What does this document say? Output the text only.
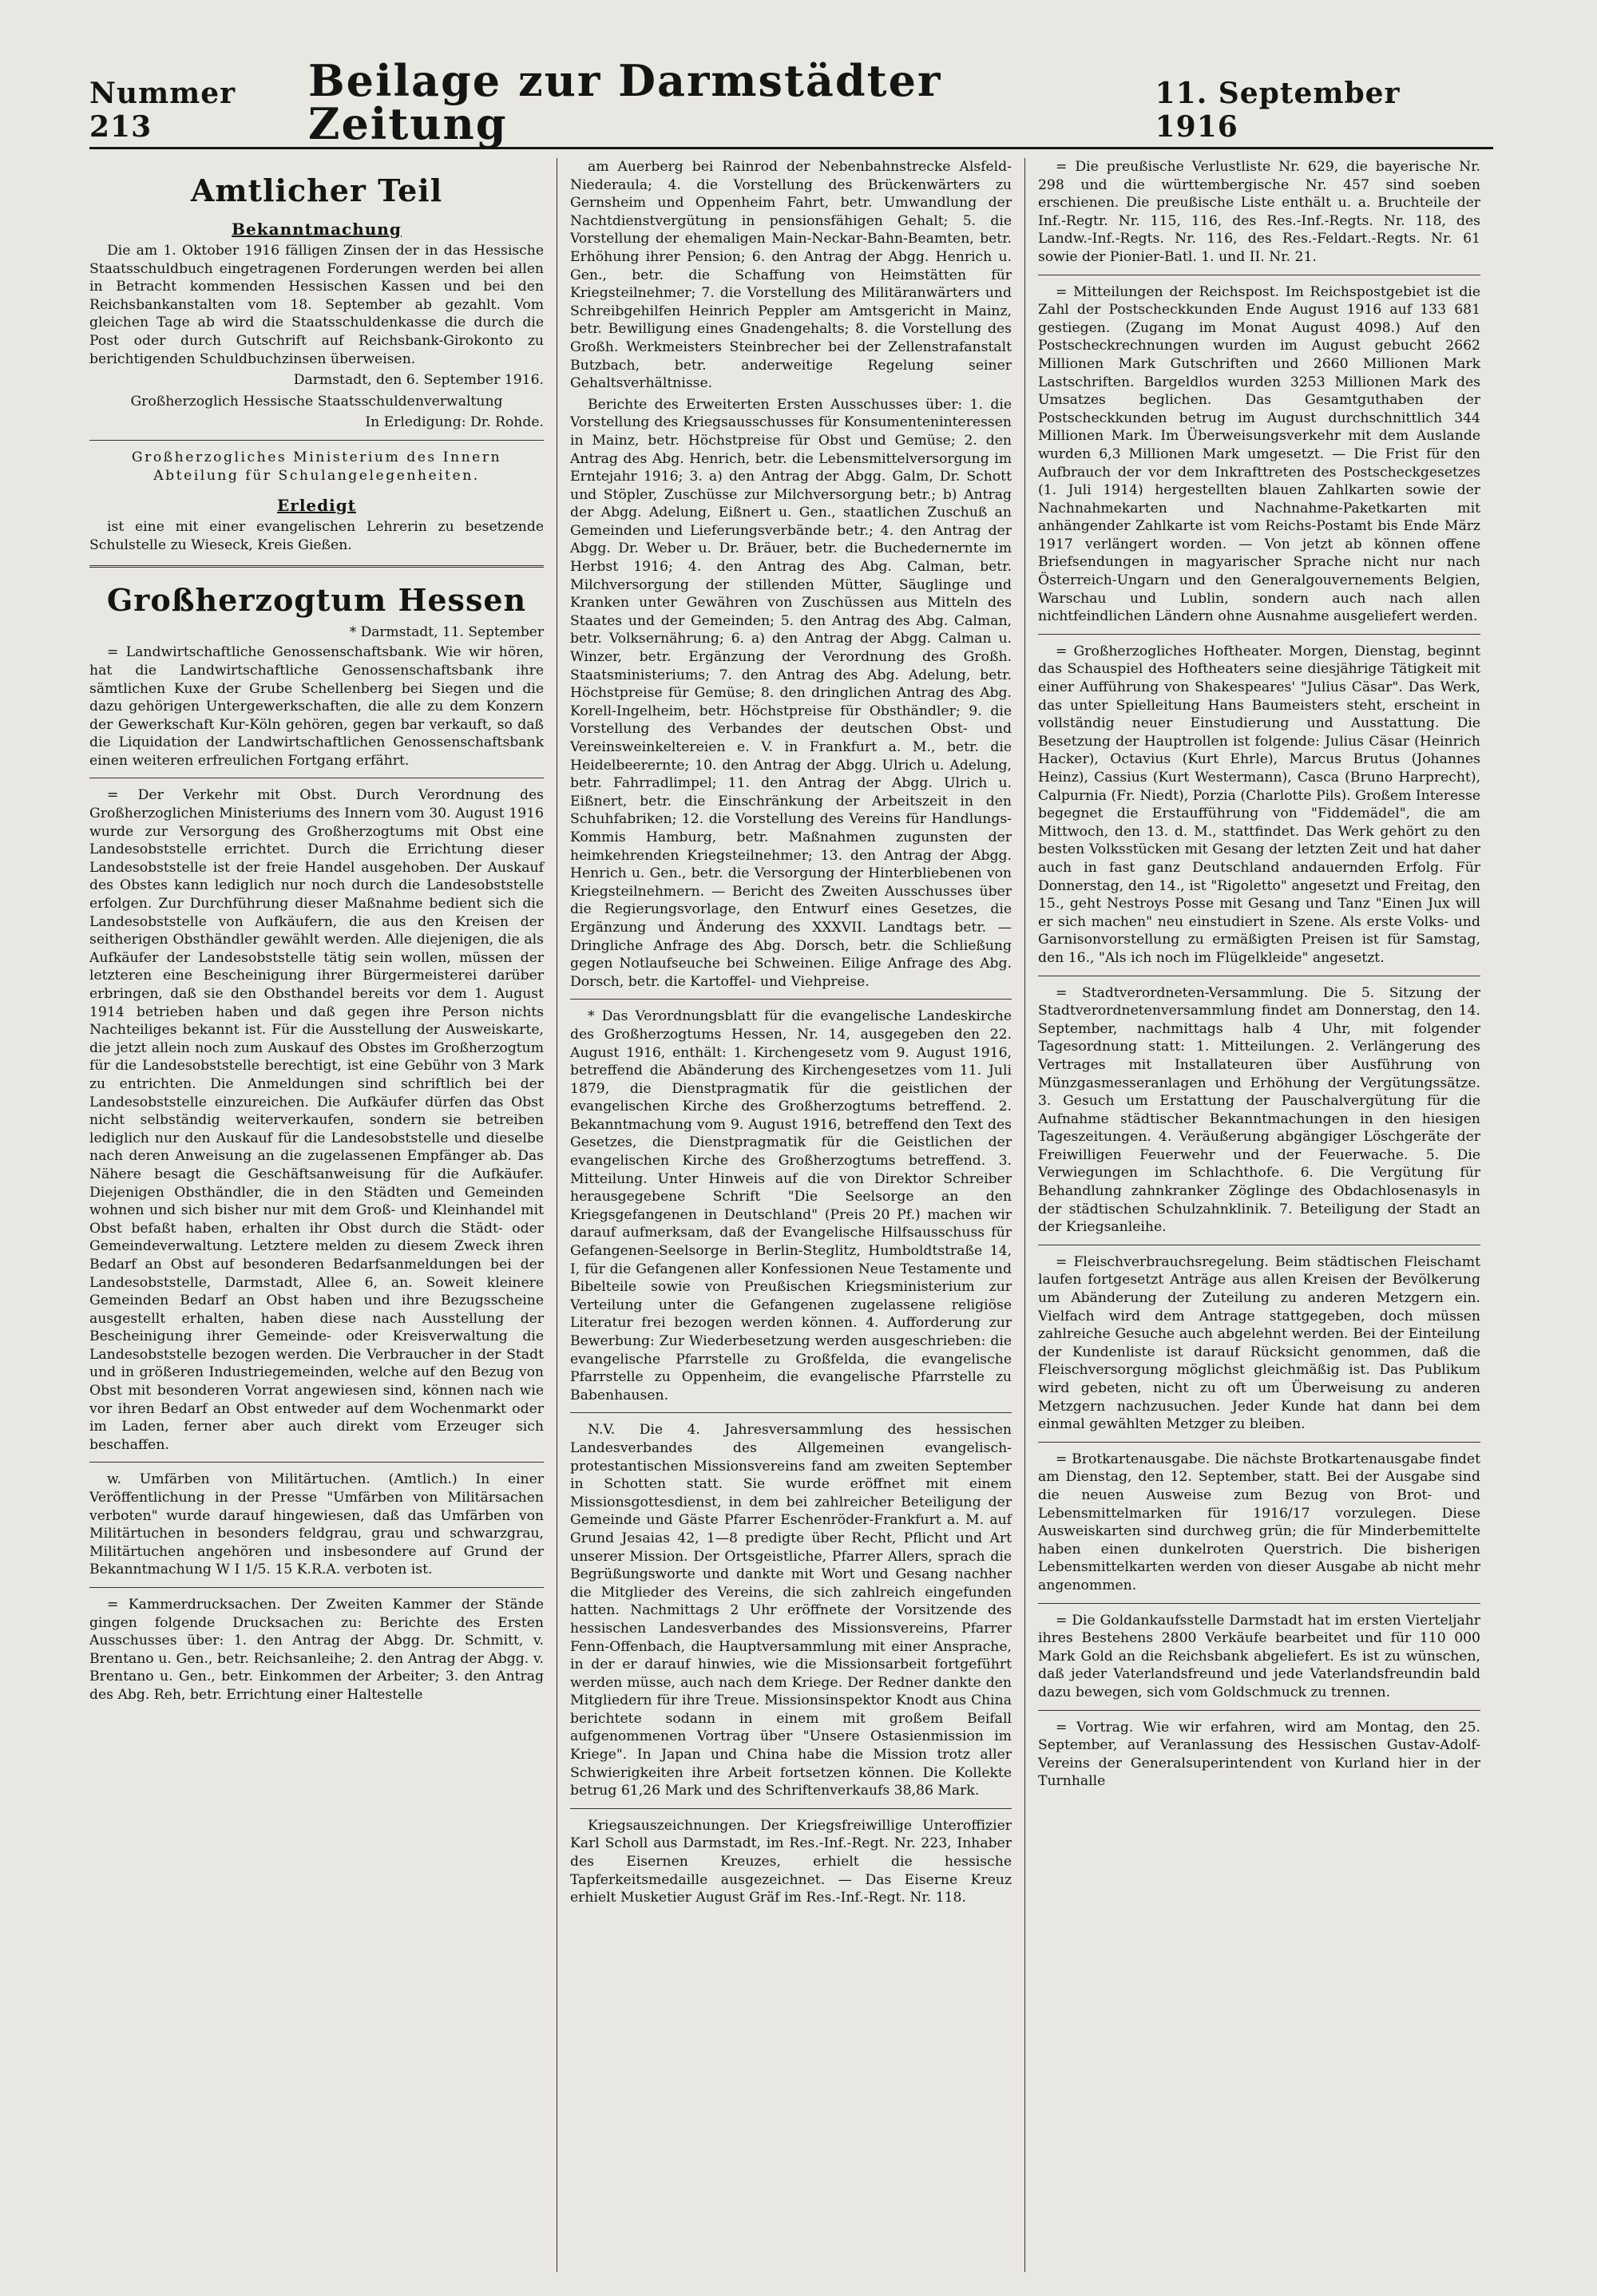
Nummer 213
Beilage zur Darmstädter Zeitung
11. September 1916
Amtlicher Teil
Bekanntmachung

Die am 1. Oktober 1916 fälligen Zinsen der in das Hessische Staatsschuldbuch eingetragenen Forderungen werden bei allen in Betracht kommenden Hessischen Kassen und bei den Reichsbankanstalten vom 18. September ab gezahlt. Vom gleichen Tage ab wird die Staatsschuldenkasse die durch die Post oder durch Gutschrift auf Reichsbank-Girokonto zu berichtigenden Schuldbuchzinsen überweisen.

Darmstadt, den 6. September 1916.

Großherzoglich Hessische Staatsschuldenverwaltung

In Erledigung: Dr. Rohde.

Großherzogliches Ministerium des Innern Abteilung für Schulangelegenheiten.

Erledigt

ist eine mit einer evangelischen Lehrerin zu besetzende Schulstelle zu Wieseck, Kreis Gießen.

Großherzogtum Hessen
* Darmstadt, 11. September

= Landwirtschaftliche Genossenschaftsbank. Wie wir hören, hat die Landwirtschaftliche Genossenschaftsbank ihre sämtlichen Kuxe der Grube Schellenberg bei Siegen und die dazu gehörigen Untergewerkschaften, die alle zu dem Konzern der Gewerkschaft Kur-Köln gehören, gegen bar verkauft, so daß die Liquidation der Landwirtschaftlichen Genossenschaftsbank einen weiteren erfreulichen Fortgang erfährt.

= Der Verkehr mit Obst. Durch Verordnung des Großherzoglichen Ministeriums des Innern vom 30. August 1916 wurde zur Versorgung des Großherzogtums mit Obst eine Landesobststelle errichtet. Durch die Errichtung dieser Landesobststelle ist der freie Handel ausgehoben. Der Auskauf des Obstes kann lediglich nur noch durch die Landesobststelle erfolgen. Zur Durchführung dieser Maßnahme bedient sich die Landesobststelle von Aufkäufern, die aus den Kreisen der seitherigen Obsthändler gewählt werden. Alle diejenigen, die als Aufkäufer der Landesobststelle tätig sein wollen, müssen der letzteren eine Bescheinigung ihrer Bürgermeisterei darüber erbringen, daß sie den Obsthandel bereits vor dem 1. August 1914 betrieben haben und daß gegen ihre Person nichts Nachteiliges bekannt ist. Für die Ausstellung der Ausweiskarte, die jetzt allein noch zum Auskauf des Obstes im Großherzogtum für die Landesobststelle berechtigt, ist eine Gebühr von 3 Mark zu entrichten. Die Anmeldungen sind schriftlich bei der Landesobststelle einzureichen. Die Aufkäufer dürfen das Obst nicht selbständig weiterverkaufen, sondern sie betreiben lediglich nur den Auskauf für die Landesobststelle und dieselbe nach deren Anweisung an die zugelassenen Empfänger ab. Das Nähere besagt die Geschäftsanweisung für die Aufkäufer. Diejenigen Obsthändler, die in den Städten und Gemeinden wohnen und sich bisher nur mit dem Groß- und Kleinhandel mit Obst befaßt haben, erhalten ihr Obst durch die Städt- oder Gemeindeverwaltung. Letztere melden zu diesem Zweck ihren Bedarf an Obst auf besonderen Bedarfsanmeldungen bei der Landesobststelle, Darmstadt, Allee 6, an. Soweit kleinere Gemeinden Bedarf an Obst haben und ihre Bezugsscheine ausgestellt erhalten, haben diese nach Ausstellung der Bescheinigung ihrer Gemeinde- oder Kreisverwaltung die Landesobststelle bezogen werden. Die Verbraucher in der Stadt und in größeren Industriegemeinden, welche auf den Bezug von Obst mit besonderen Vorrat angewiesen sind, können nach wie vor ihren Bedarf an Obst entweder auf dem Wochenmarkt oder im Laden, ferner aber auch direkt vom Erzeuger sich beschaffen.

w. Umfärben von Militärtuchen. (Amtlich.) In einer Veröffentlichung in der Presse "Umfärben von Militärsachen verboten" wurde darauf hingewiesen, daß das Umfärben von Militärtuchen in besonders feldgrau, grau und schwarzgrau, Militärtuchen angehören und insbesondere auf Grund der Bekanntmachung W I 1/5. 15 K.R.A. verboten ist.

= Kammerdrucksachen. Der Zweiten Kammer der Stände gingen folgende Drucksachen zu: Berichte des Ersten Ausschusses über: 1. den Antrag der Abgg. Dr. Schmitt, v. Brentano u. Gen., betr. Reichsanleihe; 2. den Antrag der Abgg. v. Brentano u. Gen., betr. Einkommen der Arbeiter; 3. den Antrag des Abg. Reh, betr. Errichtung einer Haltestelle

am Auerberg bei Rainrod der Nebenbahnstrecke Alsfeld-Niederaula; 4. die Vorstellung des Brückenwärters zu Gernsheim und Oppenheim Fahrt, betr. Umwandlung der Nachtdienstvergütung in pensionsfähigen Gehalt; 5. die Vorstellung der ehemaligen Main-Neckar-Bahn-Beamten, betr. Erhöhung ihrer Pension; 6. den Antrag der Abgg. Henrich u. Gen., betr. die Schaffung von Heimstätten für Kriegsteilnehmer; 7. die Vorstellung des Militäranwärters und Schreibgehilfen Heinrich Peppler am Amtsgericht in Mainz, betr. Bewilligung eines Gnadengehalts; 8. die Vorstellung des Großh. Werkmeisters Steinbrecher bei der Zellenstrafanstalt Butzbach, betr. anderweitige Regelung seiner Gehaltsverhältnisse.

Berichte des Erweiterten Ersten Ausschusses über: 1. die Vorstellung des Kriegsausschusses für Konsumenteninteressen in Mainz, betr. Höchstpreise für Obst und Gemüse; 2. den Antrag des Abg. Henrich, betr. die Lebensmittelversorgung im Erntejahr 1916; 3. a) den Antrag der Abgg. Galm, Dr. Schott und Stöpler, Zuschüsse zur Milchversorgung betr.; b) Antrag der Abgg. Adelung, Eißnert u. Gen., staatlichen Zuschuß an Gemeinden und Lieferungsverbände betr.; 4. den Antrag der Abgg. Dr. Weber u. Dr. Bräuer, betr. die Buchedernernte im Herbst 1916; 4. den Antrag des Abg. Calman, betr. Milchversorgung der stillenden Mütter, Säuglinge und Kranken unter Gewähren von Zuschüssen aus Mitteln des Staates und der Gemeinden; 5. den Antrag des Abg. Calman, betr. Volksernährung; 6. a) den Antrag der Abgg. Calman u. Winzer, betr. Ergänzung der Verordnung des Großh. Staatsministeriums; 7. den Antrag des Abg. Adelung, betr. Höchstpreise für Gemüse; 8. den dringlichen Antrag des Abg. Korell-Ingelheim, betr. Höchstpreise für Obsthändler; 9. die Vorstellung des Verbandes der deutschen Obst- und Vereinsweinkeltereien e. V. in Frankfurt a. M., betr. die Heidelbeerernte; 10. den Antrag der Abgg. Ulrich u. Adelung, betr. Fahrradlimpel; 11. den Antrag der Abgg. Ulrich u. Eißnert, betr. die Einschränkung der Arbeitszeit in den Schuhfabriken; 12. die Vorstellung des Vereins für Handlungs-Kommis Hamburg, betr. Maßnahmen zugunsten der heimkehrenden Kriegsteilnehmer; 13. den Antrag der Abgg. Henrich u. Gen., betr. die Versorgung der Hinterbliebenen von Kriegsteilnehmern. — Bericht des Zweiten Ausschusses über die Regierungsvorlage, den Entwurf eines Gesetzes, die Ergänzung und Änderung des XXXVII. Landtags betr. — Dringliche Anfrage des Abg. Dorsch, betr. die Schließung gegen Notlaufseuche bei Schweinen. Eilige Anfrage des Abg. Dorsch, betr. die Kartoffel- und Viehpreise.

* Das Verordnungsblatt für die evangelische Landeskirche des Großherzogtums Hessen, Nr. 14, ausgegeben den 22. August 1916, enthält: 1. Kirchengesetz vom 9. August 1916, betreffend die Abänderung des Kirchengesetzes vom 11. Juli 1879, die Dienstpragmatik für die geistlichen der evangelischen Kirche des Großherzogtums betreffend. 2. Bekanntmachung vom 9. August 1916, betreffend den Text des Gesetzes, die Dienstpragmatik für die Geistlichen der evangelischen Kirche des Großherzogtums betreffend. 3. Mitteilung. Unter Hinweis auf die von Direktor Schreiber herausgegebene Schrift "Die Seelsorge an den Kriegsgefangenen in Deutschland" (Preis 20 Pf.) machen wir darauf aufmerksam, daß der Evangelische Hilfsausschuss für Gefangenen-Seelsorge in Berlin-Steglitz, Humboldtstraße 14, I, für die Gefangenen aller Konfessionen Neue Testamente und Bibelteile sowie von Preußischen Kriegsministerium zur Verteilung unter die Gefangenen zugelassene religiöse Literatur frei bezogen werden können. 4. Aufforderung zur Bewerbung: Zur Wiederbesetzung werden ausgeschrieben: die evangelische Pfarrstelle zu Großfelda, die evangelische Pfarrstelle zu Oppenheim, die evangelische Pfarrstelle zu Babenhausen.

N.V. Die 4. Jahresversammlung des hessischen Landesverbandes des Allgemeinen evangelisch-protestantischen Missionsvereins fand am zweiten September in Schotten statt. Sie wurde eröffnet mit einem Missionsgottesdienst, in dem bei zahlreicher Beteiligung der Gemeinde und Gäste Pfarrer Eschenröder-Frankfurt a. M. auf Grund Jesaias 42, 1—8 predigte über Recht, Pflicht und Art unserer Mission. Der Ortsgeistliche, Pfarrer Allers, sprach die Begrüßungsworte und dankte mit Wort und Gesang nachher die Mitglieder des Vereins, die sich zahlreich eingefunden hatten. Nachmittags 2 Uhr eröffnete der Vorsitzende des hessischen Landesverbandes des Missionsvereins, Pfarrer Fenn-Offenbach, die Hauptversammlung mit einer Ansprache, in der er darauf hinwies, wie die Missionsarbeit fortgeführt werden müsse, auch nach dem Kriege. Der Redner dankte den Mitgliedern für ihre Treue. Missionsinspektor Knodt aus China berichtete sodann in einem mit großem Beifall aufgenommenen Vortrag über "Unsere Ostasienmission im Kriege". In Japan und China habe die Mission trotz aller Schwierigkeiten ihre Arbeit fortsetzen können. Die Kollekte betrug 61,26 Mark und des Schriftenverkaufs 38,86 Mark.

Kriegsauszeichnungen. Der Kriegsfreiwillige Unteroffizier Karl Scholl aus Darmstadt, im Res.-Inf.-Regt. Nr. 223, Inhaber des Eisernen Kreuzes, erhielt die hessische Tapferkeitsmedaille ausgezeichnet. — Das Eiserne Kreuz erhielt Musketier August Gräf im Res.-Inf.-Regt. Nr. 118.

= Die preußische Verlustliste Nr. 629, die bayerische Nr. 298 und die württembergische Nr. 457 sind soeben erschienen. Die preußische Liste enthält u. a. Bruchteile der Inf.-Regtr. Nr. 115, 116, des Res.-Inf.-Regts. Nr. 118, des Landw.-Inf.-Regts. Nr. 116, des Res.-Feldart.-Regts. Nr. 61 sowie der Pionier-Batl. 1. und II. Nr. 21.

= Mitteilungen der Reichspost. Im Reichspostgebiet ist die Zahl der Postscheckkunden Ende August 1916 auf 133 681 gestiegen. (Zugang im Monat August 4098.) Auf den Postscheckrechnungen wurden im August gebucht 2662 Millionen Mark Gutschriften und 2660 Millionen Mark Lastschriften. Bargeldlos wurden 3253 Millionen Mark des Umsatzes beglichen. Das Gesamtguthaben der Postscheckkunden betrug im August durchschnittlich 344 Millionen Mark. Im Überweisungsverkehr mit dem Auslande wurden 6,3 Millionen Mark umgesetzt. — Die Frist für den Aufbrauch der vor dem Inkrafttreten des Postscheckgesetzes (1. Juli 1914) hergestellten blauen Zahlkarten sowie der Nachnahmekarten und Nachnahme-Paketkarten mit anhängender Zahlkarte ist vom Reichs-Postamt bis Ende März 1917 verlängert worden. — Von jetzt ab können offene Briefsendungen in magyarischer Sprache nicht nur nach Österreich-Ungarn und den Generalgouvernements Belgien, Warschau und Lublin, sondern auch nach allen nichtfeindlichen Ländern ohne Ausnahme ausgeliefert werden.

= Großherzogliches Hoftheater. Morgen, Dienstag, beginnt das Schauspiel des Hoftheaters seine diesjährige Tätigkeit mit einer Aufführung von Shakespeares' "Julius Cäsar". Das Werk, das unter Spielleitung Hans Baumeisters steht, erscheint in vollständig neuer Einstudierung und Ausstattung. Die Besetzung der Hauptrollen ist folgende: Julius Cäsar (Heinrich Hacker), Octavius (Kurt Ehrle), Marcus Brutus (Johannes Heinz), Cassius (Kurt Westermann), Casca (Bruno Harprecht), Calpurnia (Fr. Niedt), Porzia (Charlotte Pils). Großem Interesse begegnet die Erstaufführung von "Fiddemädel", die am Mittwoch, den 13. d. M., stattfindet. Das Werk gehört zu den besten Volksstücken mit Gesang der letzten Zeit und hat daher auch in fast ganz Deutschland andauernden Erfolg. Für Donnerstag, den 14., ist "Rigoletto" angesetzt und Freitag, den 15., geht Nestroys Posse mit Gesang und Tanz "Einen Jux will er sich machen" neu einstudiert in Szene. Als erste Volks- und Garnisonvorstellung zu ermäßigten Preisen ist für Samstag, den 16., "Als ich noch im Flügelkleide" angesetzt.

= Stadtverordneten-Versammlung. Die 5. Sitzung der Stadtverordnetenversammlung findet am Donnerstag, den 14. September, nachmittags halb 4 Uhr, mit folgender Tagesordnung statt: 1. Mitteilungen. 2. Verlängerung des Vertrages mit Installateuren über Ausführung von Münzgasmesseranlagen und Erhöhung der Vergütungssätze. 3. Gesuch um Erstattung der Pauschalvergütung für die Aufnahme städtischer Bekanntmachungen in den hiesigen Tageszeitungen. 4. Veräußerung abgängiger Löschgeräte der Freiwilligen Feuerwehr und der Feuerwache. 5. Die Verwiegungen im Schlachthofe. 6. Die Vergütung für Behandlung zahnkranker Zöglinge des Obdachlosenasyls in der städtischen Schulzahnklinik. 7. Beteiligung der Stadt an der Kriegsanleihe.

= Fleischverbrauchsregelung. Beim städtischen Fleischamt laufen fortgesetzt Anträge aus allen Kreisen der Bevölkerung um Abänderung der Zuteilung zu anderen Metzgern ein. Vielfach wird dem Antrage stattgegeben, doch müssen zahlreiche Gesuche auch abgelehnt werden. Bei der Einteilung der Kundenliste ist darauf Rücksicht genommen, daß die Fleischversorgung möglichst gleichmäßig ist. Das Publikum wird gebeten, nicht zu oft um Überweisung zu anderen Metzgern nachzusuchen. Jeder Kunde hat dann bei dem einmal gewählten Metzger zu bleiben.

= Brotkartenausgabe. Die nächste Brotkartenausgabe findet am Dienstag, den 12. September, statt. Bei der Ausgabe sind die neuen Ausweise zum Bezug von Brot- und Lebensmittelmarken für 1916/17 vorzulegen. Diese Ausweiskarten sind durchweg grün; die für Minderbemittelte haben einen dunkelroten Querstrich. Die bisherigen Lebensmittelkarten werden von dieser Ausgabe ab nicht mehr angenommen.

= Die Goldankaufsstelle Darmstadt hat im ersten Vierteljahr ihres Bestehens 2800 Verkäufe bearbeitet und für 110 000 Mark Gold an die Reichsbank abgeliefert. Es ist zu wünschen, daß jeder Vaterlandsfreund und jede Vaterlandsfreundin bald dazu bewegen, sich vom Goldschmuck zu trennen.

= Vortrag. Wie wir erfahren, wird am Montag, den 25. September, auf Veranlassung des Hessischen Gustav-Adolf-Vereins der Generalsuperintendent von Kurland hier in der Turnhalle
